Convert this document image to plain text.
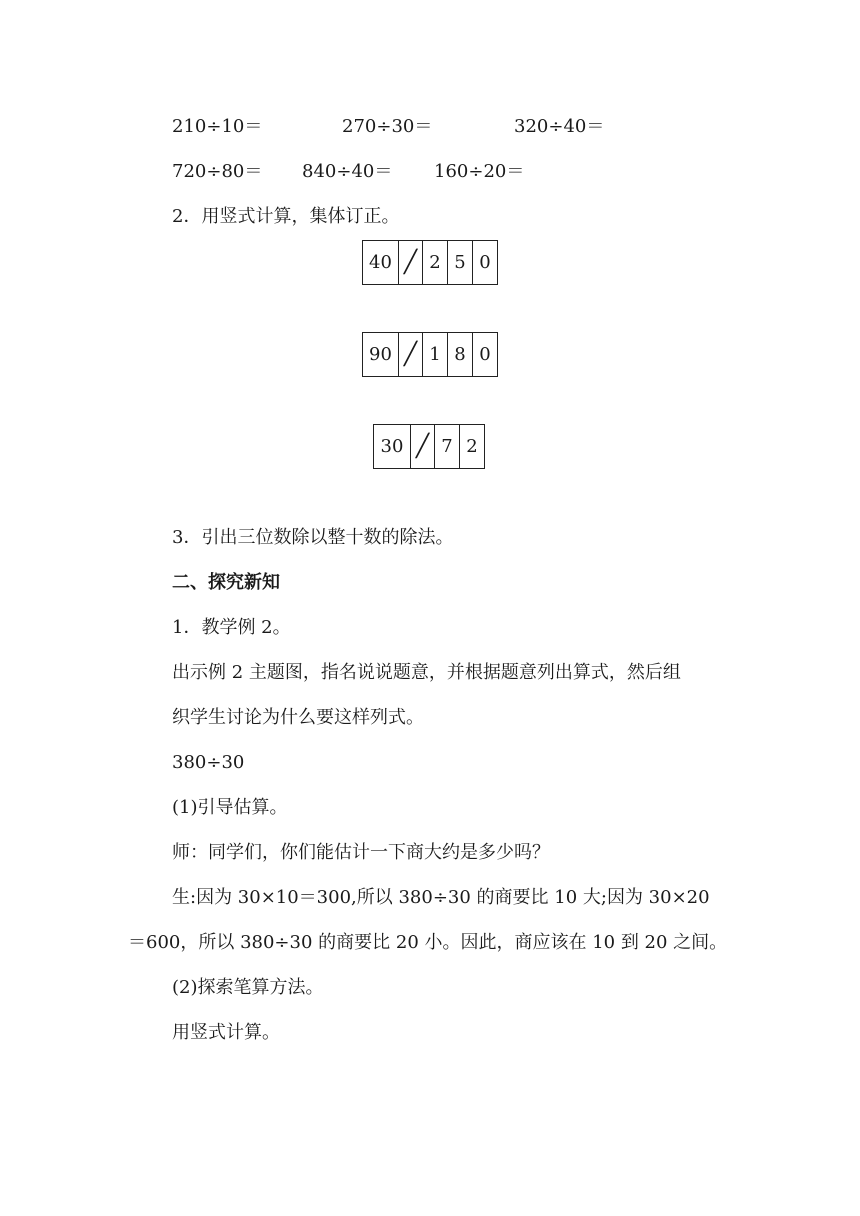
210÷10＝	270÷30＝	320÷40＝
720÷80＝ 840÷40＝ 160÷20＝
2．用竖式计算，集体订正。
40 ╱ 2 5 0
90 ╱ 1 8 0
30 ╱ 7 2
3．引出三位数除以整十数的除法。
二、探究新知
1．教学例 2。
出示例 2 主题图，指名说说题意，并根据题意列出算式，然后组
织学生讨论为什么要这样列式。
380÷30
(1)引导估算。
师：同学们，你们能估计一下商大约是多少吗？
生:因为 30×10＝300,所以 380÷30 的商要比 10 大;因为 30×20
＝600，所以 380÷30 的商要比 20 小。因此，商应该在 10 到 20 之间。
(2)探索笔算方法。
用竖式计算。
